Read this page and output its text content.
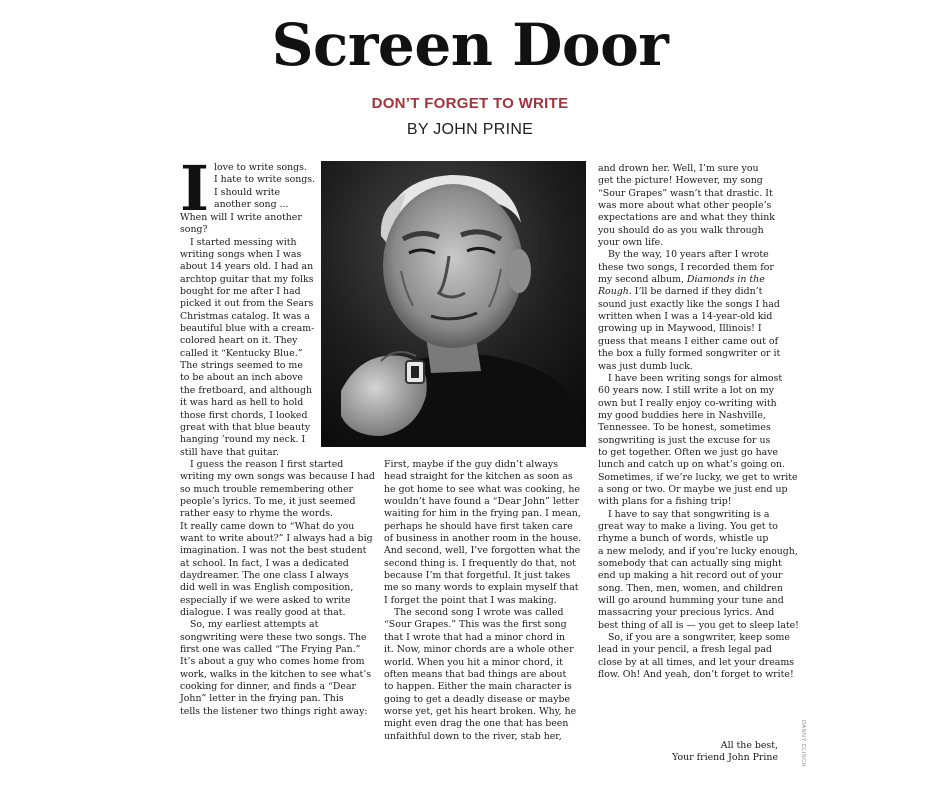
Screen Door
DON’T FORGET TO WRITE
BY JOHN PRINE
I love to write songs.

I hate to write songs.

I should write

another song ...

When will I write another

song?

I started messing with

writing songs when I was

about 14 years old. I had an

archtop guitar that my folks

bought for me after I had

picked it out from the Sears

Christmas catalog. It was a

beautiful blue with a cream-

colored heart on it. They

called it “Kentucky Blue.”

The strings seemed to me

to be about an inch above

the fretboard, and although

it was hard as hell to hold

those first chords, I looked

great with that blue beauty

hanging ’round my neck. I

still have that guitar.

I guess the reason I first started

writing my own songs was because I had

so much trouble remembering other

people’s lyrics. To me, it just seemed

rather easy to rhyme the words.

It really came down to “What do you

want to write about?” I always had a big

imagination. I was not the best student

at school. In fact, I was a dedicated

daydreamer. The one class I always

did well in was English composition,

especially if we were asked to write

dialogue. I was really good at that.

So, my earliest attempts at

songwriting were these two songs. The

first one was called “The Frying Pan.”

It’s about a guy who comes home from

work, walks in the kitchen to see what’s

cooking for dinner, and finds a “Dear

John” letter in the frying pan. This

tells the listener two things right away:

First, maybe if the guy didn’t always

head straight for the kitchen as soon as

he got home to see what was cooking, he

wouldn’t have found a “Dear John” letter

waiting for him in the frying pan. I mean,

perhaps he should have first taken care

of business in another room in the house.

And second, well, I’ve forgotten what the

second thing is. I frequently do that, not

because I’m that forgetful. It just takes

me so many words to explain myself that

I forget the point that I was making.

The second song I wrote was called

“Sour Grapes.” This was the first song

that I wrote that had a minor chord in

it. Now, minor chords are a whole other

world. When you hit a minor chord, it

often means that bad things are about

to happen. Either the main character is

going to get a deadly disease or maybe

worse yet, get his heart broken. Why, he

might even drag the one that has been

unfaithful down to the river, stab her,

and drown her. Well, I’m sure you

get the picture! However, my song

“Sour Grapes” wasn’t that drastic. It

was more about what other people’s

expectations are and what they think

you should do as you walk through

your own life.

By the way, 10 years after I wrote

these two songs, I recorded them for

my second album, Diamonds in the

Rough. I’ll be darned if they didn’t

sound just exactly like the songs I had

written when I was a 14-year-old kid

growing up in Maywood, Illinois! I

guess that means I either came out of

the box a fully formed songwriter or it

was just dumb luck.

I have been writing songs for almost

60 years now. I still write a lot on my

own but I really enjoy co-writing with

my good buddies here in Nashville,

Tennessee. To be honest, sometimes

songwriting is just the excuse for us

to get together. Often we just go have

lunch and catch up on what’s going on.

Sometimes, if we’re lucky, we get to write

a song or two. Or maybe we just end up

with plans for a fishing trip!

I have to say that songwriting is a

great way to make a living. You get to

rhyme a bunch of words, whistle up

a new melody, and if you’re lucky enough,

somebody that can actually sing might

end up making a hit record out of your

song. Then, men, women, and children

will go around humming your tune and

massacring your precious lyrics. And

best thing of all is — you get to sleep late!

So, if you are a songwriter, keep some

lead in your pencil, a fresh legal pad

close by at all times, and let your dreams

flow. Oh! And yeah, don’t forget to write!

All the best,

Your friend John Prine	DANNY CLINCH
